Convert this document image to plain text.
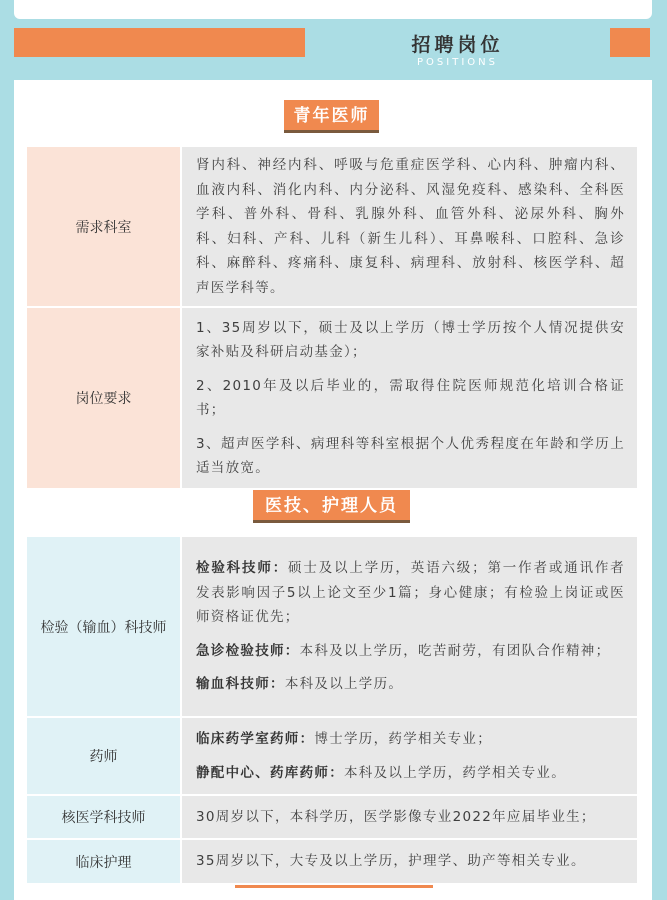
招聘岗位
POSITIONS
青年医师
需求科室	肾内科、神经内科、呼吸与危重症医学科、心内科、肿瘤内科、血液内科、消化内科、内分泌科、风湿免疫科、感染科、全科医学科、普外科、骨科、乳腺外科、血管外科、泌尿外科、胸外科、妇科、产科、儿科（新生儿科）、耳鼻喉科、口腔科、急诊科、麻醉科、疼痛科、康复科、病理科、放射科、核医学科、超声医学科等。

岗位要求	1、35周岁以下，硕士及以上学历（博士学历按个人情况提供安家补贴及科研启动基金）；

2、2010年及以后毕业的，需取得住院医师规范化培训合格证书；

3、超声医学科、病理科等科室根据个人优秀程度在年龄和学历上适当放宽。

医技、护理人员
检验（输血）科技师	检验科技师：硕士及以上学历，英语六级；第一作者或通讯作者发表影响因子5以上论文至少1篇；身心健康；有检验上岗证或医师资格证优先；

急诊检验技师：本科及以上学历，吃苦耐劳，有团队合作精神；

输血科技师：本科及以上学历。

药师	临床药学室药师：博士学历，药学相关专业；

静配中心、药库药师：本科及以上学历，药学相关专业。

核医学科技师	30周岁以下，本科学历，医学影像专业2022年应届毕业生；

临床护理	35周岁以下，大专及以上学历，护理学、助产等相关专业。
